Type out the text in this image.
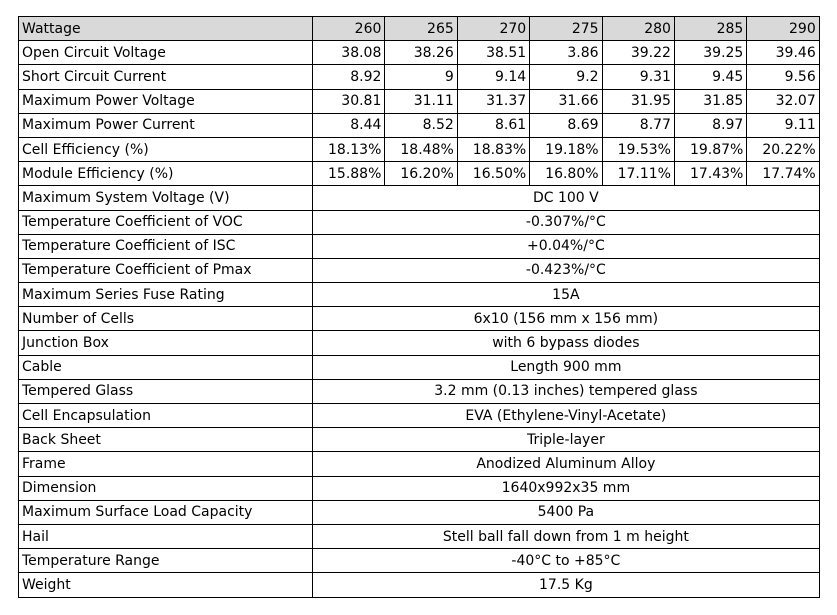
Wattage	260	265	270	275	280	285	290
Open Circuit Voltage	38.08	38.26	38.51	3.86	39.22	39.25	39.46
Short Circuit Current	8.92	9	9.14	9.2	9.31	9.45	9.56
Maximum Power Voltage	30.81	31.11	31.37	31.66	31.95	31.85	32.07
Maximum Power Current	8.44	8.52	8.61	8.69	8.77	8.97	9.11
Cell Efficiency (%)	18.13%	18.48%	18.83%	19.18%	19.53%	19.87%	20.22%
Module Efficiency (%)	15.88%	16.20%	16.50%	16.80%	17.11%	17.43%	17.74%
Maximum System Voltage (V)	DC 100 V						
Temperature Coefficient of VOC	-0.307%/°C						
Temperature Coefficient of ISC	+0.04%/°C						
Temperature Coefficient of Pmax	-0.423%/°C						
Maximum Series Fuse Rating	15A						
Number of Cells	6x10 (156 mm x 156 mm)						
Junction Box	with 6 bypass diodes						
Cable	Length 900 mm						
Tempered Glass	3.2 mm (0.13 inches) tempered glass						
Cell Encapsulation	EVA (Ethylene-Vinyl-Acetate)						
Back Sheet	Triple-layer						
Frame	Anodized Aluminum Alloy						
Dimension	1640x992x35 mm						
Maximum Surface Load Capacity	5400 Pa						
Hail	Stell ball fall down from 1 m height						
Temperature Range	-40°C to +85°C						
Weight	17.5 Kg						
